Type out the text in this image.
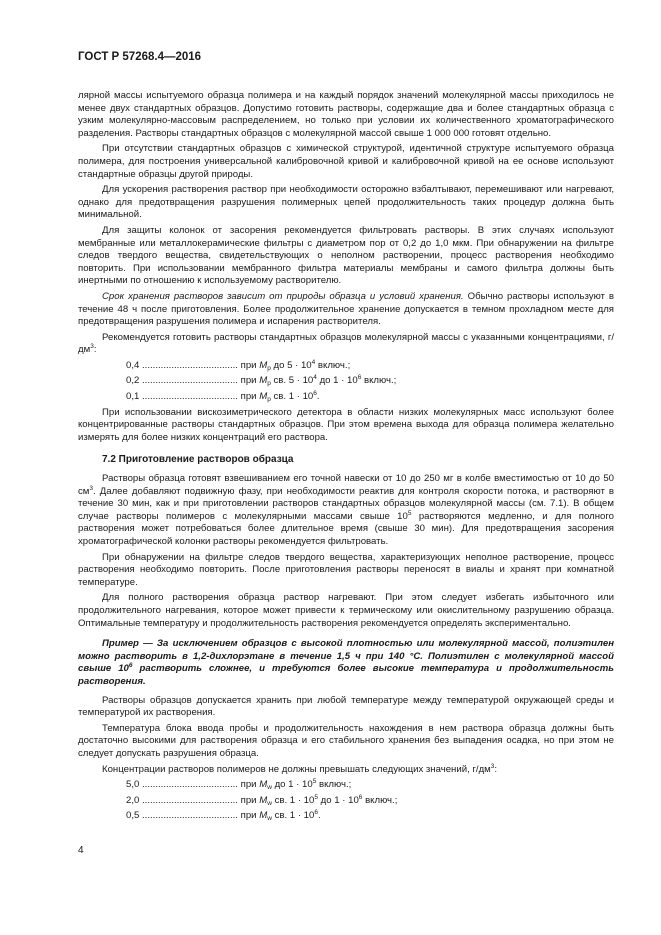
ГОСТ Р 57268.4—2016

лярной массы испытуемого образца полимера и на каждый порядок значений молекулярной массы приходилось не менее двух стандартных образцов. Допустимо готовить растворы, содержащие два и более стандартных образца с узким молекулярно-массовым распределением, но только при условии их количественного хроматографического разделения. Растворы стандартных образцов с молекулярной массой свыше 1 000 000 готовят отдельно.

При отсутствии стандартных образцов с химической структурой, идентичной структуре испытуемого образца полимера, для построения универсальной калибровочной кривой и калибровочной кривой на ее основе используют стандартные образцы другой природы.

Для ускорения растворения раствор при необходимости осторожно взбалтывают, перемешивают или нагревают, однако для предотвращения разрушения полимерных цепей продолжительность таких процедур должна быть минимальной.

Для защиты колонок от засорения рекомендуется фильтровать растворы. В этих случаях используют мембранные или металлокерамические фильтры с диаметром пор от 0,2 до 1,0 мкм. При обнаружении на фильтре следов твердого вещества, свидетельствующих о неполном растворении, процесс растворения необходимо повторить. При использовании мембранного фильтра материалы мембраны и самого фильтра должны быть инертными по отношению к используемому растворителю.

Срок хранения растворов зависит от природы образца и условий хранения. Обычно растворы используют в течение 48 ч после приготовления. Более продолжительное хранение допускается в темном прохладном месте для предотвращения разрушения полимера и испарения растворителя.

Рекомендуется готовить растворы стандартных образцов молекулярной массы с указанными концентрациями, $г/дм^3$:

0,4 .................................... при $M_p$ до $5 \cdot 10^4$ включ.;

0,2 .................................... при $M_p$ св. $5 \cdot 10^4$ до $1 \cdot 10^6$ включ.;

0,1 .................................... при $M_p$ св. $1 \cdot 10^6$.

При использовании вискозиметрического детектора в области низких молекулярных масс используют более концентрированные растворы стандартных образцов. При этом времена выхода для образца полимера желательно измерять для более низких концентраций его раствора.

7.2 Приготовление растворов образца

Растворы образца готовят взвешиванием его точной навески от 10 до 250 мг в колбе вместимостью от 10 до 50 $см^3$. Далее добавляют подвижную фазу, при необходимости реактив для контроля скорости потока, и растворяют в течение 30 мин, как и при приготовлении растворов стандартных образцов молекулярной массы (см. 7.1). В общем случае растворы полимеров с молекулярными массами свыше $10^5$ растворяются медленно, и для полного растворения может потребоваться более длительное время (свыше 30 мин). Для предотвращения засорения хроматографической колонки растворы рекомендуется фильтровать.

При обнаружении на фильтре следов твердого вещества, характеризующих неполное растворение, процесс растворения необходимо повторить. После приготовления растворы переносят в виалы и хранят при комнатной температуре.

Для полного растворения образца раствор нагревают. При этом следует избегать избыточного или продолжительного нагревания, которое может привести к термическому или окислительному разрушению образца. Оптимальные температуру и продолжительность растворения рекомендуется определять экспериментально.

Пример — За исключением образцов с высокой плотностью или молекулярной массой, полиэтилен можно растворить в 1,2-дихлорэтане в течение 1,5 ч при 140 °С. Полиэтилен с молекулярной массой свыше $10^6$ растворить сложнее, и требуются более высокие температура и продолжительность растворения.

Растворы образцов допускается хранить при любой температуре между температурой окружающей среды и температурой их растворения.

Температура блока ввода пробы и продолжительность нахождения в нем раствора образца должны быть достаточно высокими для растворения образца и его стабильного хранения без выпадения осадка, но при этом не следует допускать разрушения образца.

Концентрации растворов полимеров не должны превышать следующих значений, $г/дм^3$:

5,0 .................................... при $M_w$ до $1 \cdot 10^5$ включ.;

2,0 .................................... при $M_w$ св. $1 \cdot 10^5$ до $1 \cdot 10^6$ включ.;

0,5 .................................... при $M_w$ св. $1 \cdot 10^6$.

4
